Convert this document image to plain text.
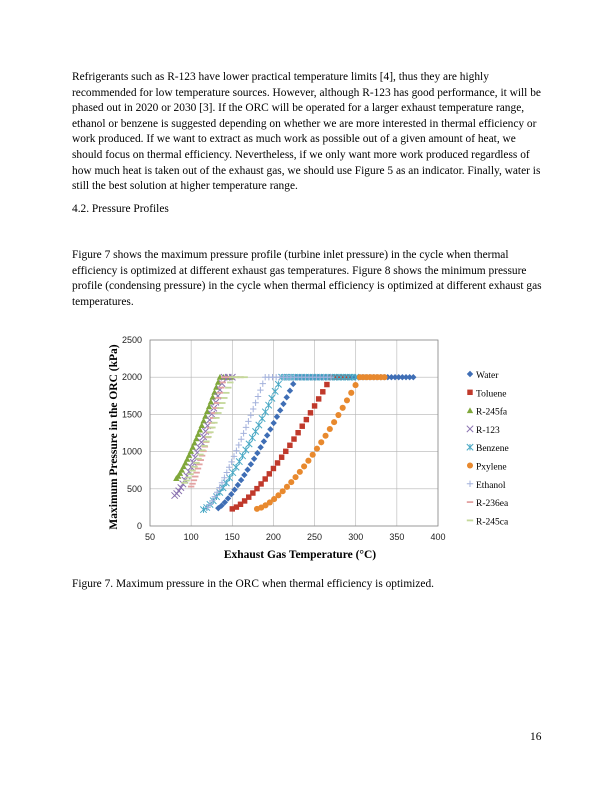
Refrigerants such as R-123 have lower practical temperature limits [4], thus they are highly recommended for low temperature sources. However, although R-123 has good performance, it will be phased out in 2020 or 2030 [3]. If the ORC will be operated for a larger exhaust temperature range, ethanol or benzene is suggested depending on whether we are more interested in thermal efficiency or work produced. If we want to extract as much work as possible out of a given amount of heat, we should focus on thermal efficiency. Nevertheless, if we only want more work produced regardless of how much heat is taken out of the exhaust gas, we should use Figure 5 as an indicator. Finally, water is still the best solution at higher temperature range.

4.2. Pressure Profiles

Figure 7 shows the maximum pressure profile (turbine inlet pressure) in the cycle when thermal efficiency is optimized at different exhaust gas temperatures. Figure 8 shows the minimum pressure profile (condensing pressure) in the cycle when thermal efficiency is optimized at different exhaust gas temperatures.

50	100	150	200	250	300	350	400
0
500
1000
1500
2000
2500
Exhaust Gas Temperature (°C)
Maximum Pressure in the ORC (kPa)	Water
Toluene
R-245fa
R-123
Benzene
Pxylene
Ethanol
R-236ea
R-245ca

Figure 7. Maximum pressure in the ORC when thermal efficiency is optimized.

16
